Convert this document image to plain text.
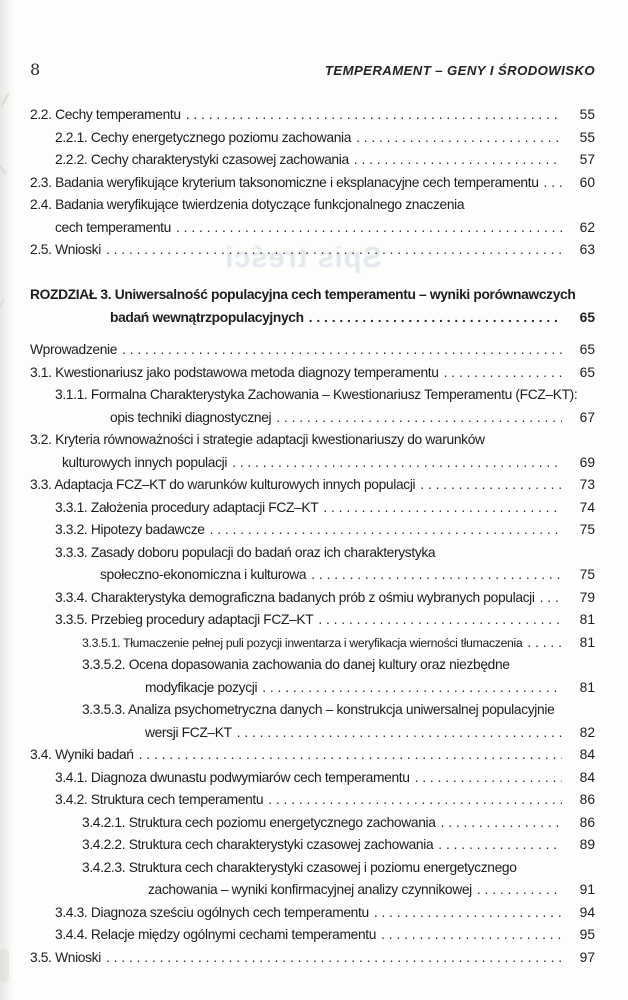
Spis treści
8	TEMPERAMENT – GENY I ŚRODOWISKO
2.2. Cechy temperamentu . . .	55
2.2.1. Cechy energetycznego poziomu zachowania . . .	55
2.2.2. Cechy charakterystyki czasowej zachowania . . .	57
2.3. Badania weryfikujące kryterium taksonomiczne i eksplanacyjne cech temperamentu . . .	60
2.4. Badania weryfikujące twierdzenia dotyczące funkcjonalnego znaczenia
cech temperamentu . . .	62
2.5. Wnioski . . .	63
ROZDZIAŁ 3. Uniwersalność populacyjna cech temperamentu – wyniki porównawczych
badań wewnątrzpopulacyjnych . . .	65
Wprowadzenie . . .	65
3.1. Kwestionariusz jako podstawowa metoda diagnozy temperamentu . . .	65
3.1.1. Formalna Charakterystyka Zachowania – Kwestionariusz Temperamentu (FCZ–KT):
opis techniki diagnostycznej . . .	67
3.2. Kryteria równoważności i strategie adaptacji kwestionariuszy do warunków
kulturowych innych populacji . . .	69
3.3. Adaptacja FCZ–KT do warunków kulturowych innych populacji . . .	73
3.3.1. Założenia procedury adaptacji FCZ–KT . . .	74
3.3.2. Hipotezy badawcze . . .	75
3.3.3. Zasady doboru populacji do badań oraz ich charakterystyka
społeczno-ekonomiczna i kulturowa . . .	75
3.3.4. Charakterystyka demograficzna badanych prób z ośmiu wybranych populacji . . .	79
3.3.5. Przebieg procedury adaptacji FCZ–KT . . .	81
3.3.5.1. Tłumaczenie pełnej puli pozycji inwentarza i weryfikacja wierności tłumaczenia . . .	81
3.3.5.2. Ocena dopasowania zachowania do danej kultury oraz niezbędne
modyfikacje pozycji . . .	81
3.3.5.3. Analiza psychometryczna danych – konstrukcja uniwersalnej populacyjnie
wersji FCZ–KT . . .	82
3.4. Wyniki badań . . .	84
3.4.1. Diagnoza dwunastu podwymiarów cech temperamentu . . .	84
3.4.2. Struktura cech temperamentu . . .	86
3.4.2.1. Struktura cech poziomu energetycznego zachowania . . .	86
3.4.2.2. Struktura cech charakterystyki czasowej zachowania . . .	89
3.4.2.3. Struktura cech charakterystyki czasowej i poziomu energetycznego
zachowania – wyniki konfirmacyjnej analizy czynnikowej . . .	91
3.4.3. Diagnoza sześciu ogólnych cech temperamentu . . .	94
3.4.4. Relacje między ogólnymi cechami temperamentu . . .	95
3.5. Wnioski . . .	97
